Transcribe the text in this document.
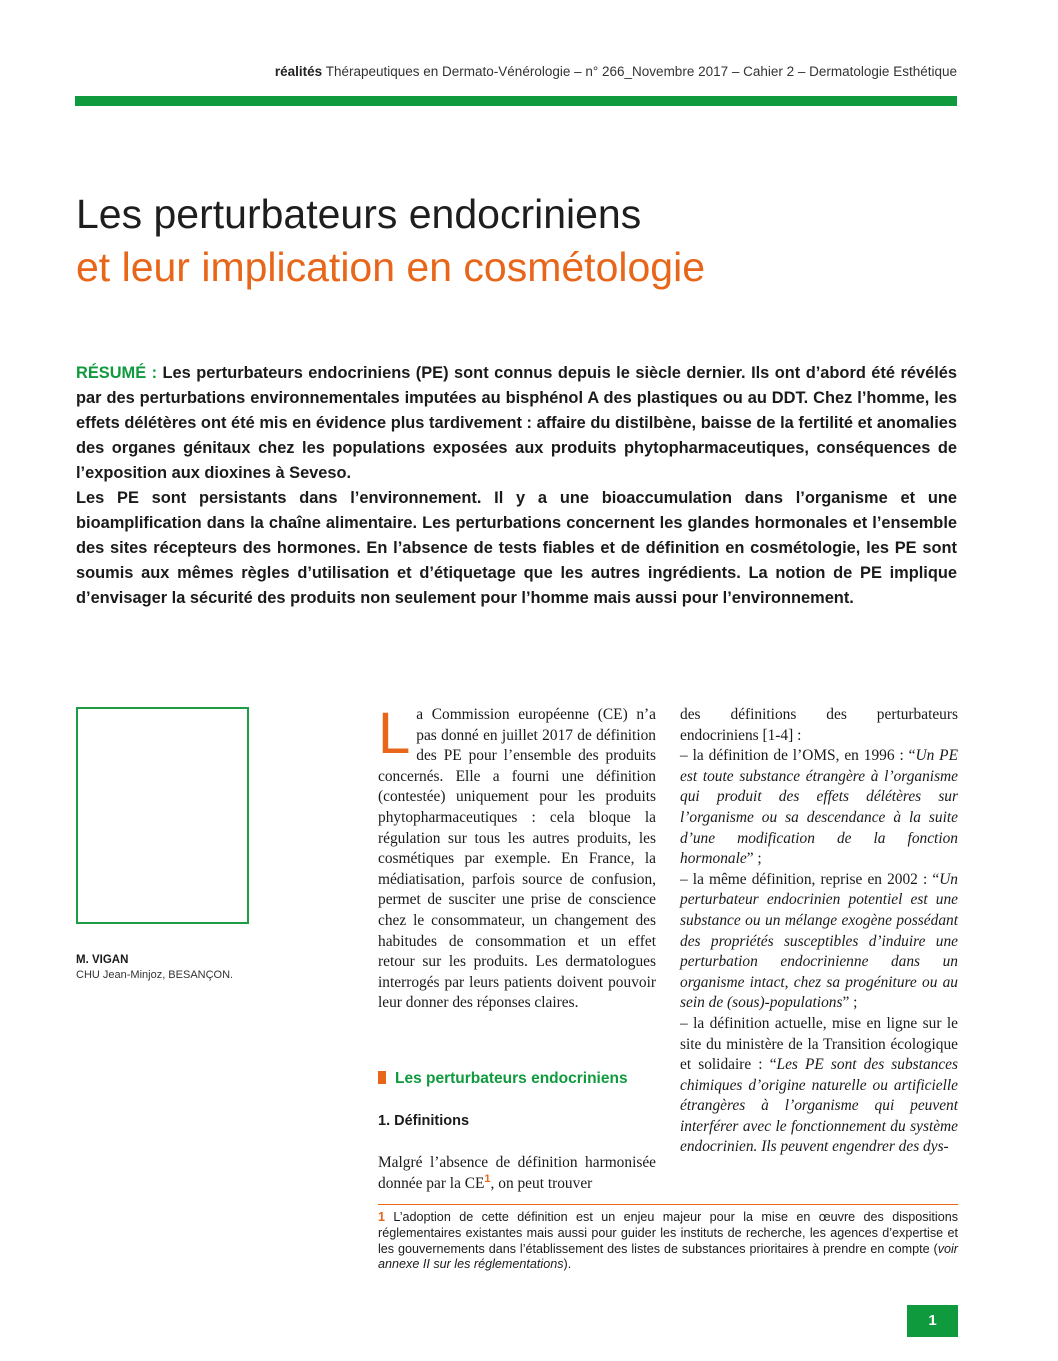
réalités Thérapeutiques en Dermato-Vénérologie – n° 266_Novembre 2017 – Cahier 2 – Dermatologie Esthétique
Les perturbateurs endocriniens
et leur implication en cosmétologie

RÉSUMÉ : Les perturbateurs endocriniens (PE) sont connus depuis le siècle dernier. Ils ont d’abord été révélés par des perturbations environnementales imputées au bisphénol A des plastiques ou au DDT. Chez l’homme, les effets délétères ont été mis en évidence plus tardivement : affaire du distilbène, baisse de la fertilité et anomalies des organes génitaux chez les populations exposées aux produits phytopharmaceutiques, conséquences de l’exposition aux dioxines à Seveso.

Les PE sont persistants dans l’environnement. Il y a une bioaccumulation dans l’organisme et une bioamplification dans la chaîne alimentaire. Les perturbations concernent les glandes hormonales et l’ensemble des sites récepteurs des hormones. En l’absence de tests fiables et de définition en cosmétologie, les PE sont soumis aux mêmes règles d’utilisation et d’étiquetage que les autres ingrédients. La notion de PE implique d’envisager la sécurité des produits non seulement pour l’homme mais aussi pour l’environnement.

M. VIGAN
CHU Jean-Minjoz, BESANÇON.

La Commission européenne (CE) n’a pas donné en juillet 2017 de définition des PE pour l’ensemble des produits concernés. Elle a fourni une définition (contestée) uniquement pour les produits phytopharmaceutiques : cela bloque la régulation sur tous les autres produits, les cosmétiques par exemple. En France, la médiatisation, parfois source de confusion, permet de susciter une prise de conscience chez le consommateur, un changement des habitudes de consommation et un effet retour sur les produits. Les dermatologues interrogés par leurs patients doivent pouvoir leur donner des réponses claires.

Les perturbateurs endocriniens
1. Définitions

Malgré l’absence de définition harmonisée donnée par la $CE^1$, on peut trouver

des définitions des perturbateurs endocriniens [1-4] :

– la définition de l’OMS, en 1996 : “Un PE est toute substance étrangère à l’organisme qui produit des effets délétères sur l’organisme ou sa descendance à la suite d’une modification de la fonction hormonale” ;

– la même définition, reprise en 2002 : “Un perturbateur endocrinien potentiel est une substance ou un mélange exogène possédant des propriétés susceptibles d’induire une perturbation endocrinienne dans un organisme intact, chez sa progéniture ou au sein de (sous)-populations” ;

– la définition actuelle, mise en ligne sur le site du ministère de la Transition écologique et solidaire : “Les PE sont des substances chimiques d’origine naturelle ou artificielle étrangères à l’organisme qui peuvent interférer avec le fonctionnement du système endocrinien. Ils peuvent engendrer des dys-

1 L’adoption de cette définition est un enjeu majeur pour la mise en œuvre des dispositions réglementaires existantes mais aussi pour guider les instituts de recherche, les agences d’expertise et les gouvernements dans l’établissement des listes de substances prioritaires à prendre en compte (voir annexe II sur les réglementations).
1
